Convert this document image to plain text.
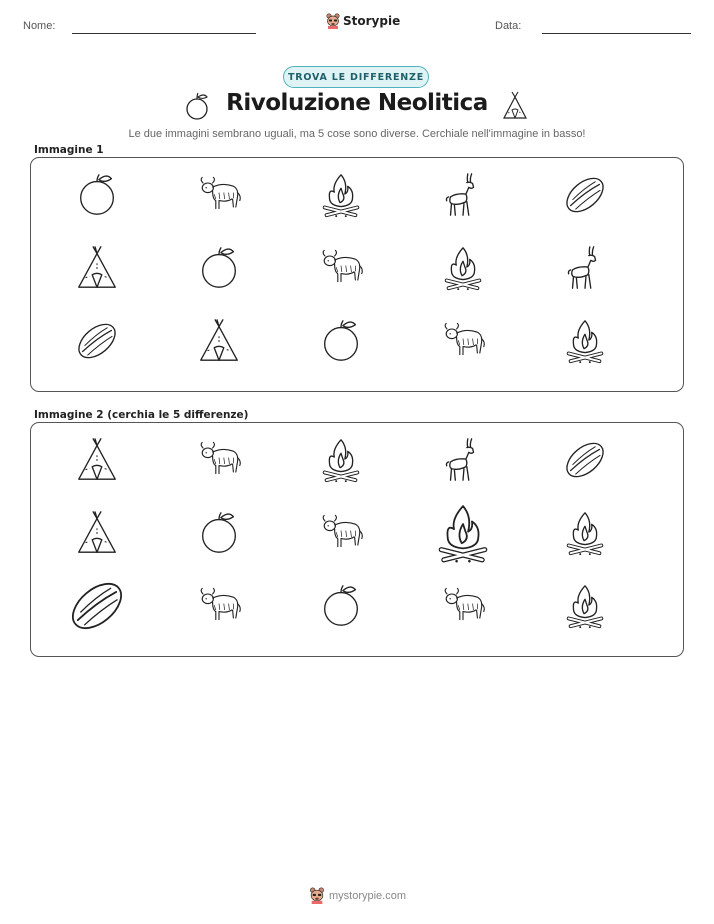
Nome:	Storypie	Data:
TROVA LE DIFFERENZE
Rivoluzione Neolitica
Le due immagini sembrano uguali, ma 5 cose sono diverse. Cerchiale nell'immagine in basso!
Immagine 1
Immagine 2 (cerchia le 5 differenze)
mystorypie.com
